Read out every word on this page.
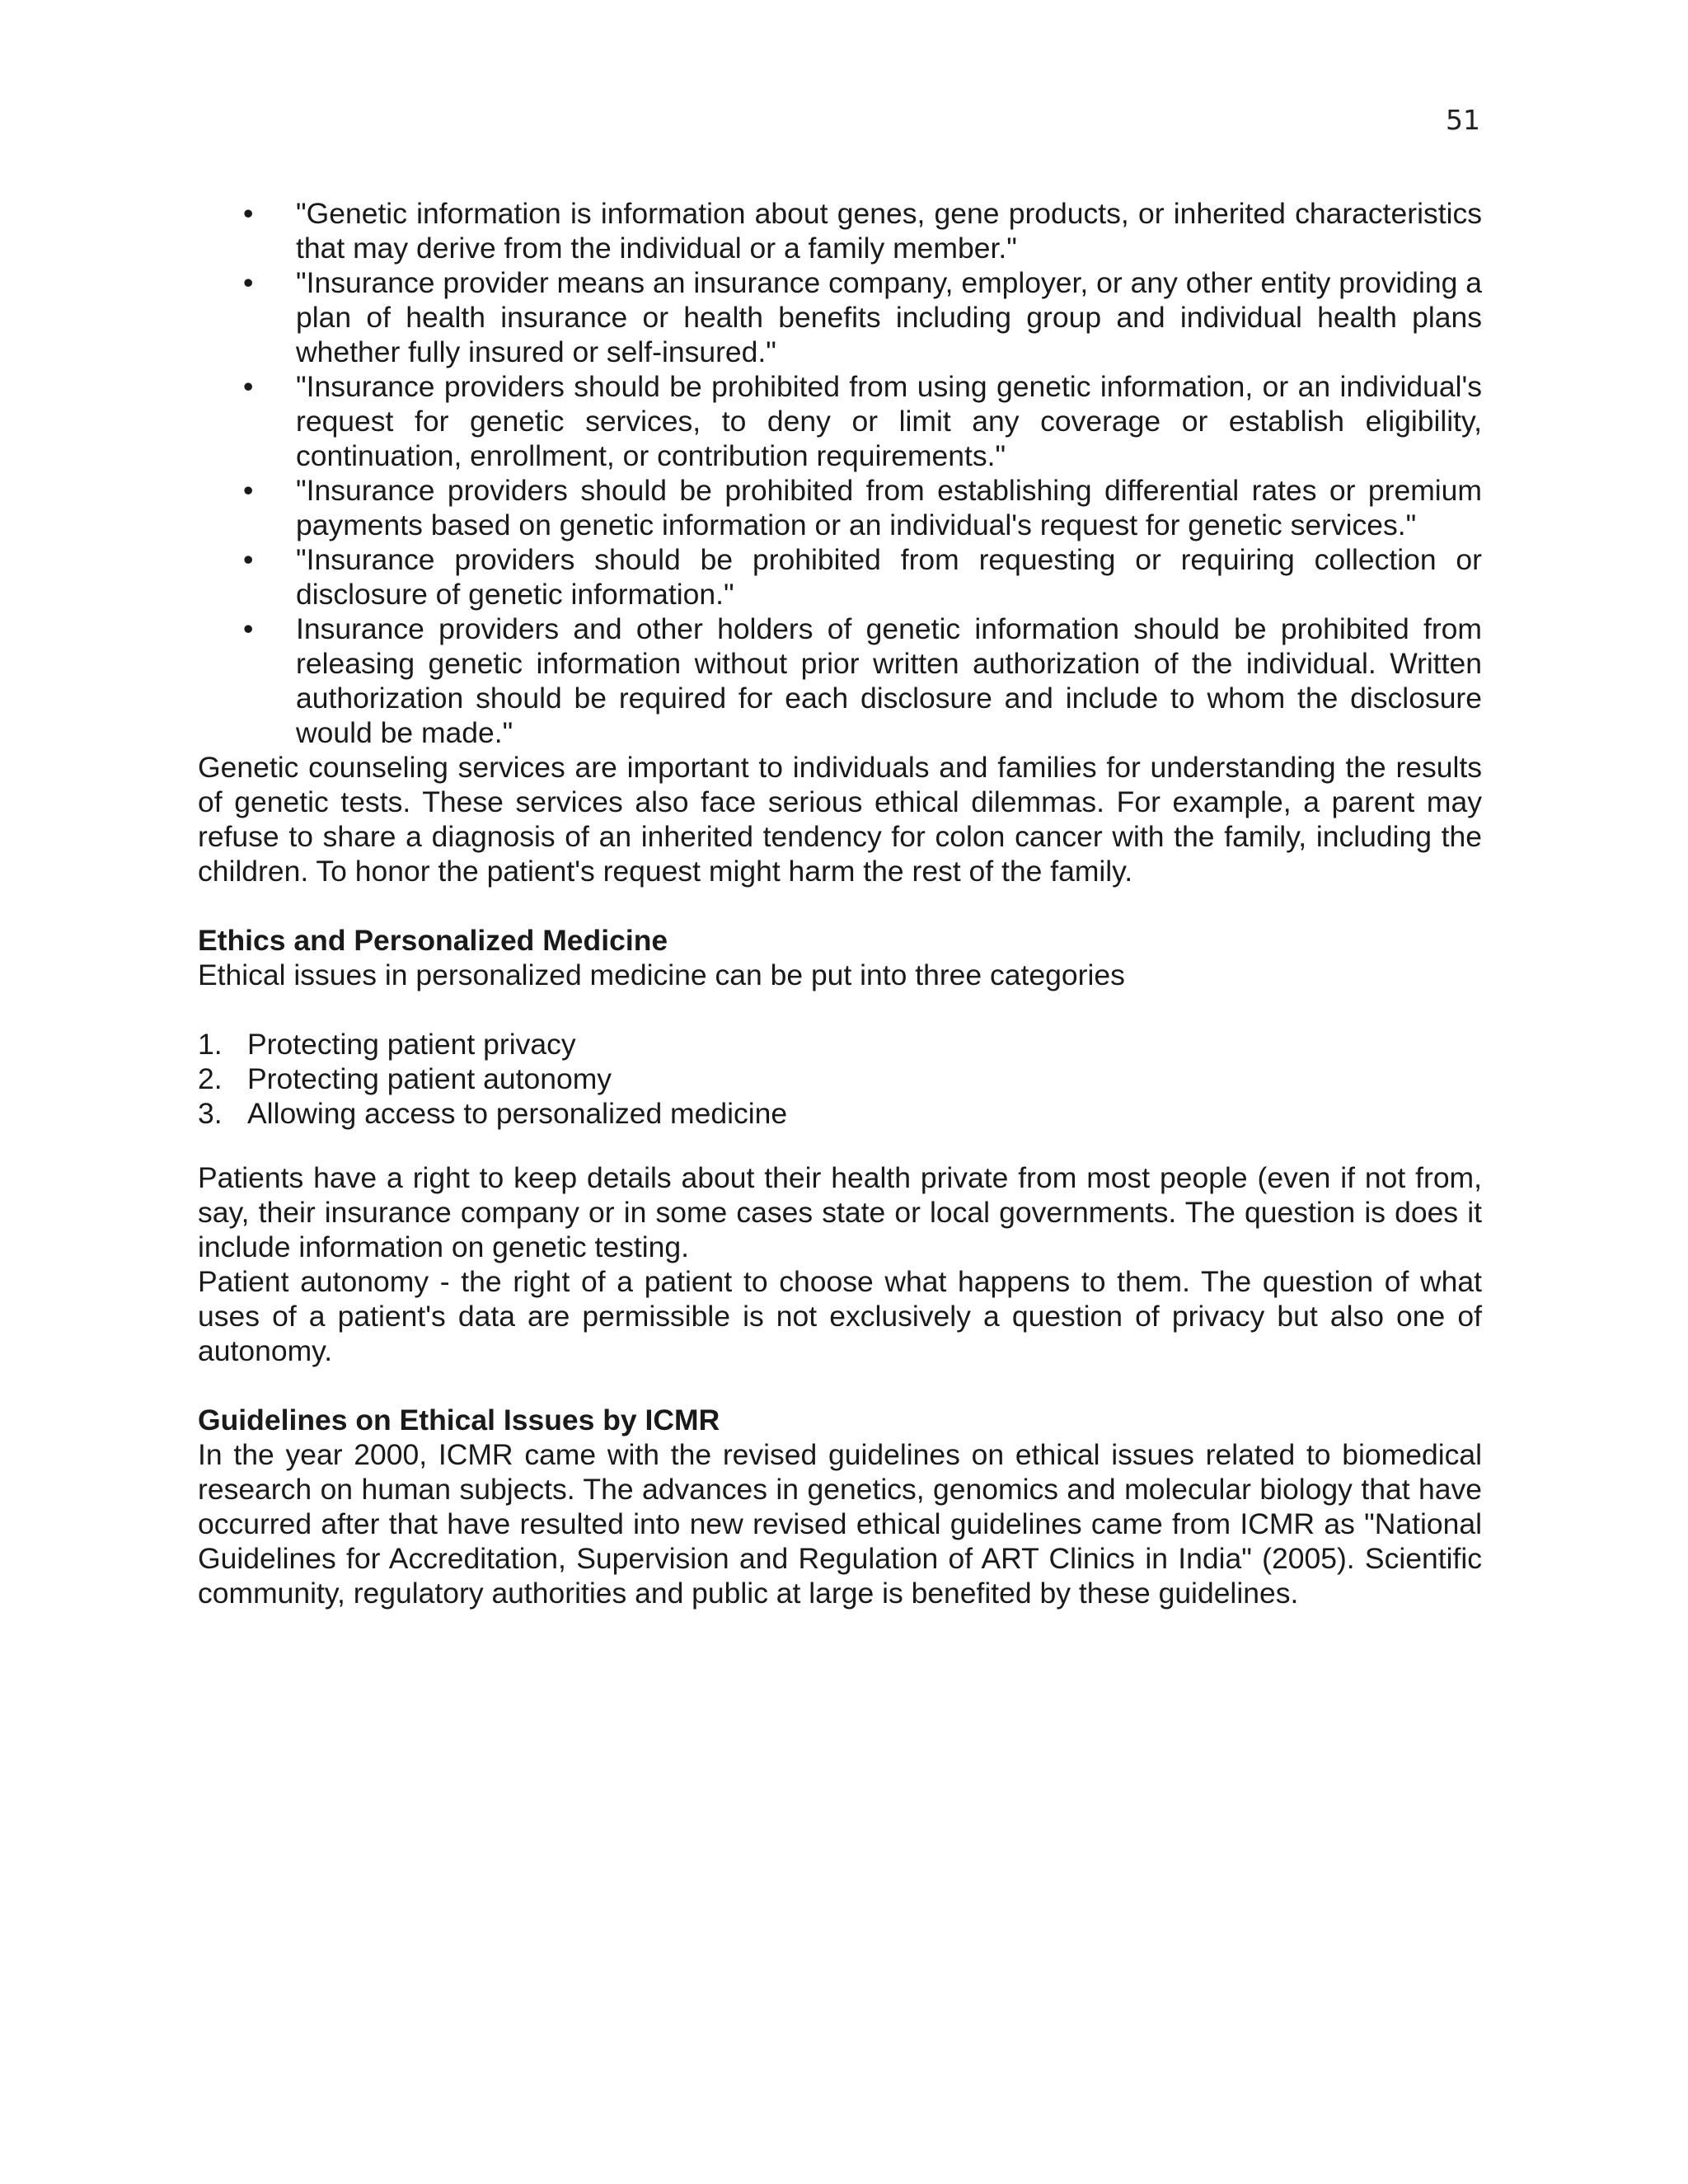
51
•	"Genetic information is information about genes, gene products, or inherited characteristics that may derive from the individual or a family member."
•	"Insurance provider means an insurance company, employer, or any other entity providing a plan of health insurance or health benefits including group and individual health plans whether fully insured or self-insured."
•	"Insurance providers should be prohibited from using genetic information, or an individual's request for genetic services, to deny or limit any coverage or establish eligibility, continuation, enrollment, or contribution requirements."
•	"Insurance providers should be prohibited from establishing differential rates or premium payments based on genetic information or an individual's request for genetic services."
•	"Insurance providers should be prohibited from requesting or requiring collection or disclosure of genetic information."
•	Insurance providers and other holders of genetic information should be prohibited from releasing genetic information without prior written authorization of the individual. Written authorization should be required for each disclosure and include to whom the disclosure would be made."

Genetic counseling services are important to individuals and families for understanding the results of genetic tests. These services also face serious ethical dilemmas. For example, a parent may refuse to share a diagnosis of an inherited tendency for colon cancer with the family, including the children. To honor the patient's request might harm the rest of the family.

Ethics and Personalized Medicine

Ethical issues in personalized medicine can be put into three categories

1. Protecting patient privacy
2. Protecting patient autonomy
3. Allowing access to personalized medicine

Patients have a right to keep details about their health private from most people (even if not from, say, their insurance company or in some cases state or local governments. The question is does it include information on genetic testing.

Patient autonomy - the right of a patient to choose what happens to them. The question of what uses of a patient's data are permissible is not exclusively a question of privacy but also one of autonomy.

Guidelines on Ethical Issues by ICMR

In the year 2000, ICMR came with the revised guidelines on ethical issues related to biomedical research on human subjects. The advances in genetics, genomics and molecular biology that have occurred after that have resulted into new revised ethical guidelines came from ICMR as "National Guidelines for Accreditation, Supervision and Regulation of ART Clinics in India" (2005). Scientific community, regulatory authorities and public at large is benefited by these guidelines.
